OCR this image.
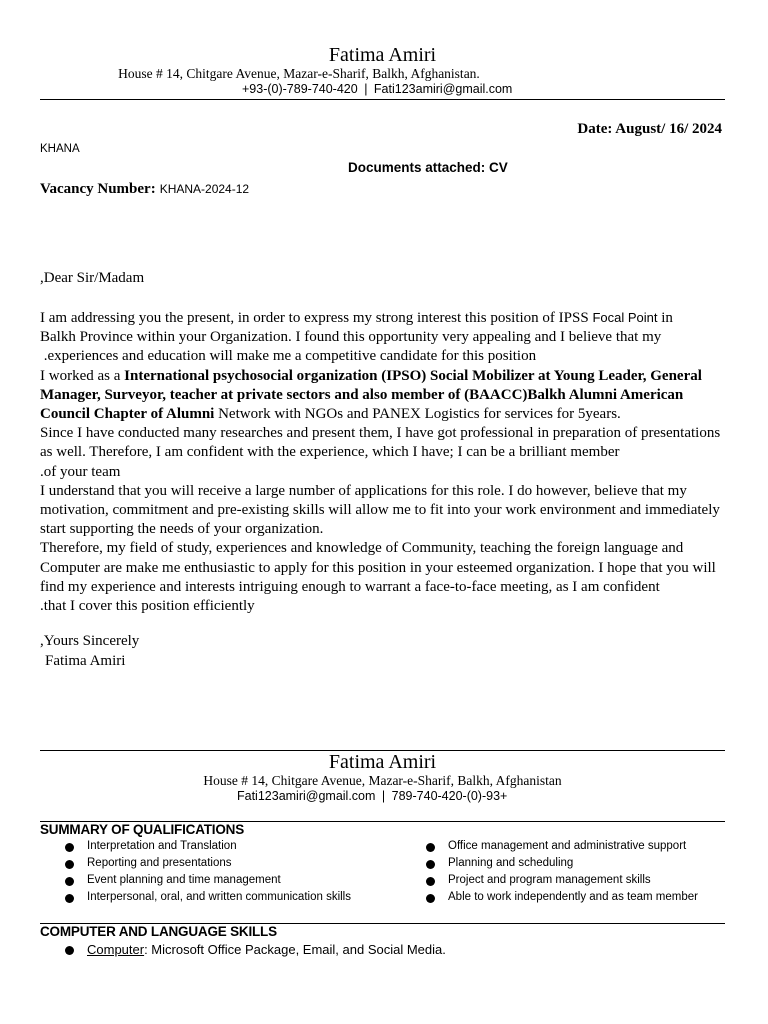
Fatima Amiri
House # 14, Chitgare Avenue, Mazar-e-Sharif, Balkh, Afghanistan.
+93-(0)-789-740-420 | Fati123amiri@gmail.com
Date: August/ 16/ 2024
KHANA
Documents attached: CV
Vacancy Number: KHANA-2024-12
,Dear Sir/Madam

I am addressing you the present, in order to express my strong interest this position of IPSS Focal Point in

Balkh Province within your Organization. I found this opportunity very appealing and I believe that my

.experiences and education will make me a competitive candidate for this position

I worked as a International psychosocial organization (IPSO) Social Mobilizer at Young Leader, General Manager, Surveyor, teacher at private sectors and also member of (BAACC)Balkh Alumni American Council Chapter of Alumni Network with NGOs and PANEX Logistics for services for 5years.

Since I have conducted many researches and present them, I have got professional in preparation of presentations as well. Therefore, I am confident with the experience, which I have; I can be a brilliant member

.of your team

I understand that you will receive a large number of applications for this role. I do however, believe that my motivation, commitment and pre-existing skills will allow me to fit into your work environment and immediately start supporting the needs of your organization.

Therefore, my field of study, experiences and knowledge of Community, teaching the foreign language and Computer are make me enthusiastic to apply for this position in your esteemed organization. I hope that you will find my experience and interests intriguing enough to warrant a face-to-face meeting, as I am confident

.that I cover this position efficiently

,Yours Sincerely
Fatima Amiri
Fatima Amiri
House # 14, Chitgare Avenue, Mazar-e-Sharif, Balkh, Afghanistan
Fati123amiri@gmail.com | 789-740-420-(0)-93+
SUMMARY OF QUALIFICATIONS
Interpretation and Translation
Reporting and presentations
Event planning and time management
Interpersonal, oral, and written communication skills
Office management and administrative support
Planning and scheduling
Project and program management skills
Able to work independently and as team member
COMPUTER AND LANGUAGE SKILLS
Computer: Microsoft Office Package, Email, and Social Media.
